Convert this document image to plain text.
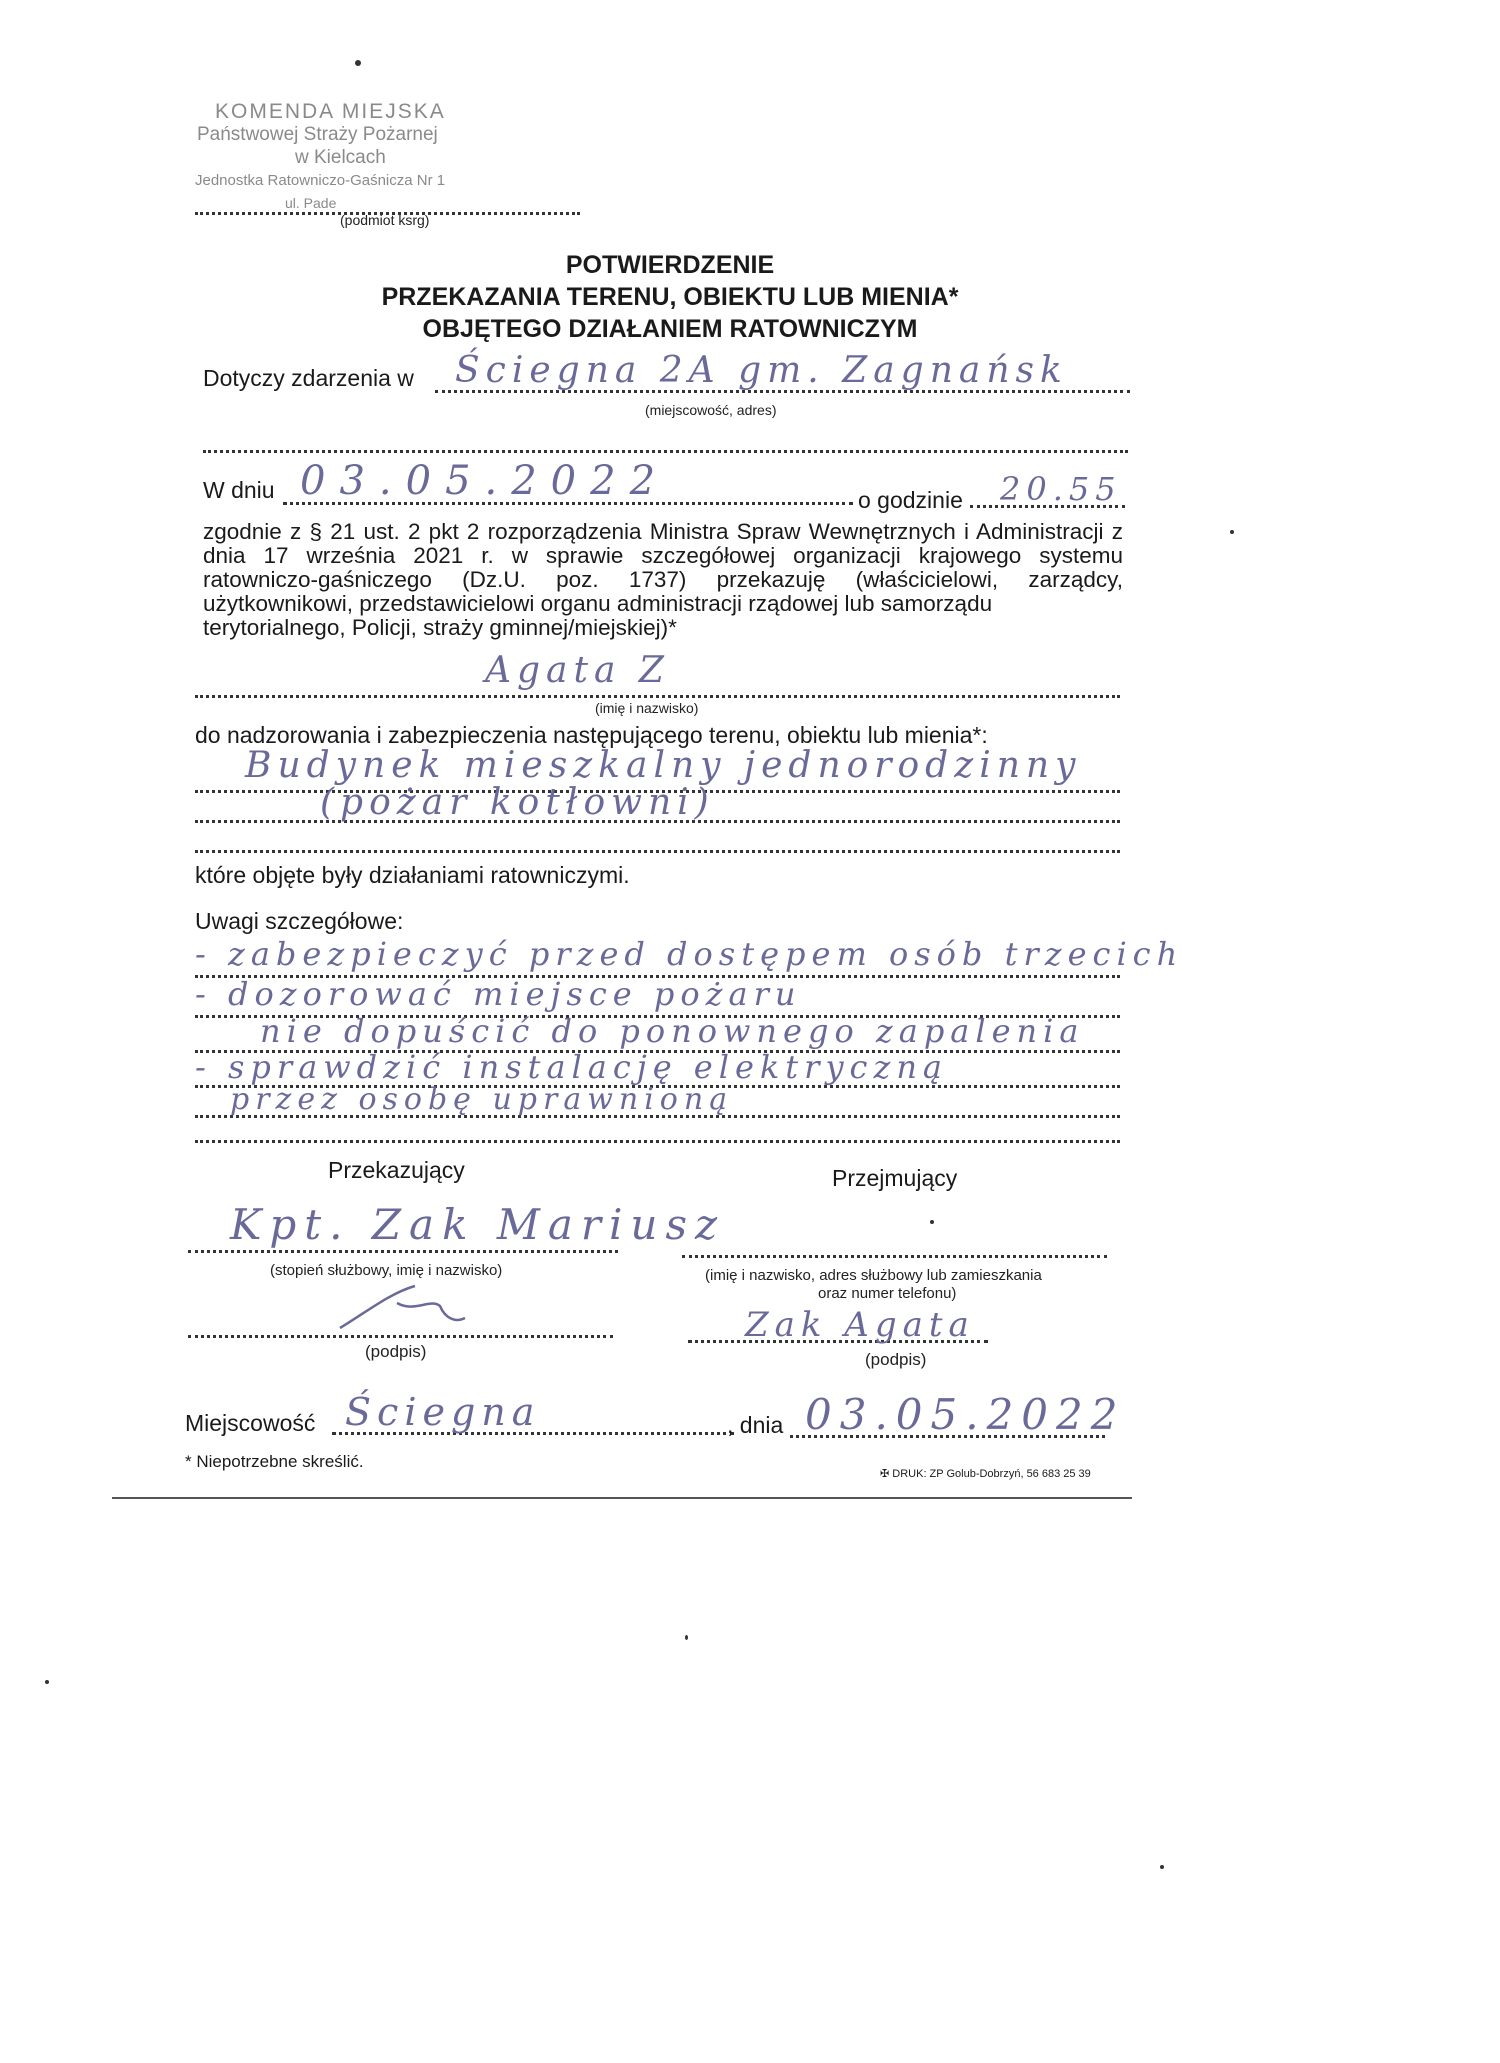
KOMENDA MIEJSKA
Państwowej Straży Pożarnej
w Kielcach
Jednostka Ratowniczo-Gaśnicza Nr 1
ul. Pade
(podmiot ksrg)
POTWIERDZENIE
PRZEKAZANIA TERENU, OBIEKTU LUB MIENIA*
OBJĘTEGO DZIAŁANIEM RATOWNICZYM
Dotyczy zdarzenia w Ściegna 2A gm. Zagnańsk
(miejscowość, adres)
W dniu 03.05.2022	o godzinie 20.55
zgodnie z § 21 ust. 2 pkt 2 rozporządzenia Ministra Spraw Wewnętrznych i Administracji z dnia 17 września 2021 r. w sprawie szczegółowej organizacji krajowego systemu ratowniczo-gaśniczego (Dz.U. poz. 1737) przekazuję (właścicielowi, zarządcy, użytkownikowi, przedstawicielowi organu administracji rządowej lub samorządu
terytorialnego, Policji, straży gminnej/miejskiej)*
Agata Z
(imię i nazwisko)
do nadzorowania i zabezpieczenia następującego terenu, obiektu lub mienia*:
Budynek mieszkalny jednorodzinny
(pożar kotłowni)
które objęte były działaniami ratowniczymi.
Uwagi szczegółowe:
- zabezpieczyć przed dostępem osób trzecich
- dozorować miejsce pożaru
nie dopuścić do ponownego zapalenia
- sprawdzić instalację elektryczną
przez osobę uprawnioną
Przekazujący	Przejmujący
Kpt. Zak Mariusz
(stopień służbowy, imię i nazwisko)	(imię i nazwisko, adres służbowy lub zamieszkania
oraz numer telefonu)
(podpis)
Zak Agata
(podpis)
Miejscowość Ściegna	, dnia 03.05.2022
* Niepotrzebne skreślić.
✠ DRUK: ZP Golub-Dobrzyń, 56 683 25 39
